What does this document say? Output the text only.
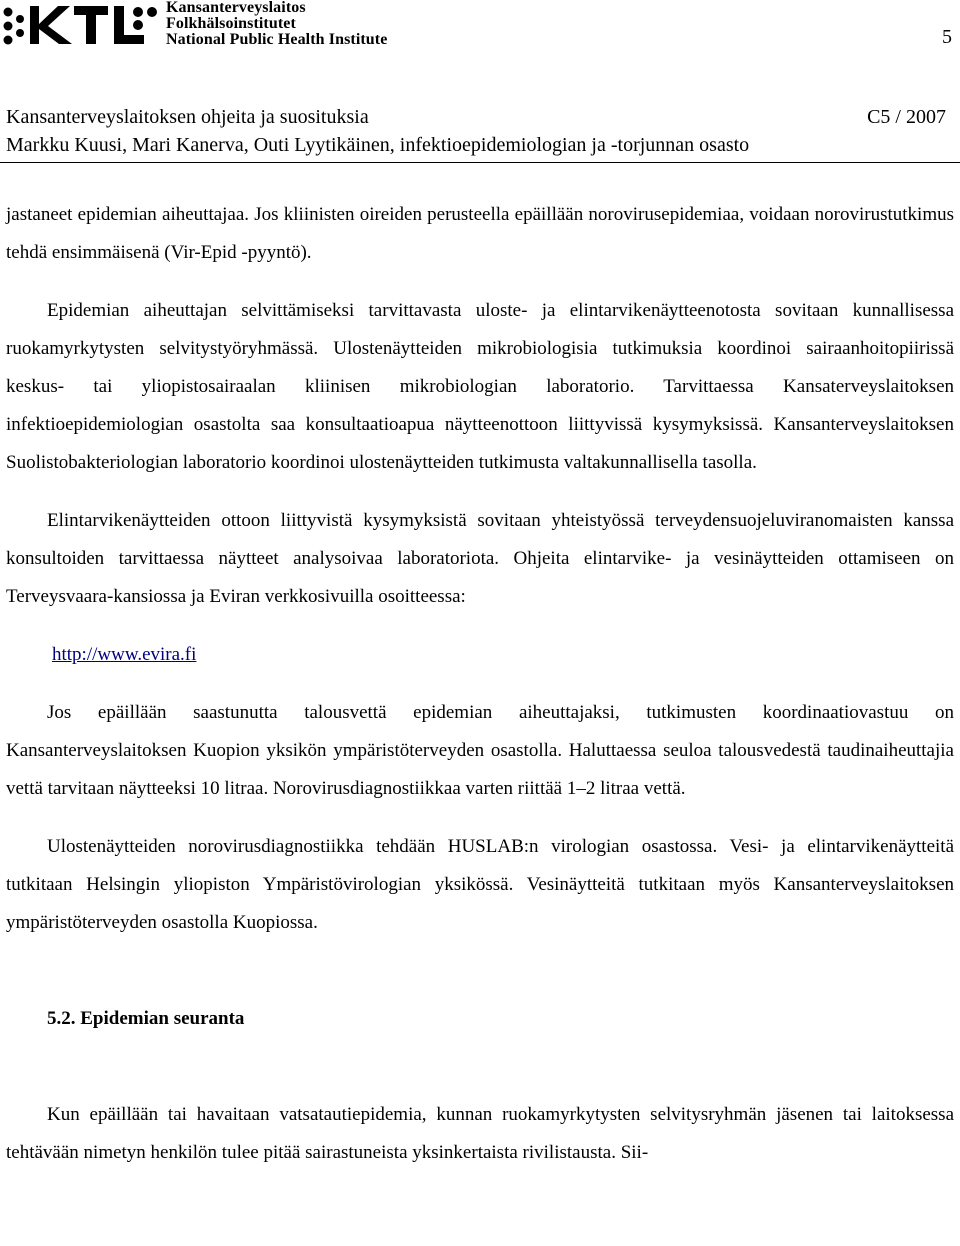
Kansanterveyslaitos
Folkhälsoinstitutet
National Public Health Institute	5
Kansanterveyslaitoksen ohjeita ja suosituksia	C5 / 2007
Markku Kuusi, Mari Kanerva, Outi Lyytikäinen, infektioepidemiologian ja -torjunnan osasto

jastaneet epidemian aiheuttajaa. Jos kliinisten oireiden perusteella epäillään norovirusepidemiaa, voidaan norovirustutkimus tehdä ensimmäisenä (Vir-Epid -pyyntö).

Epidemian aiheuttajan selvittämiseksi tarvittavasta uloste- ja elintarvikenäytteenotosta sovitaan kunnallisessa ruokamyrkytysten selvitystyöryhmässä. Ulostenäytteiden mikrobiologisia tutkimuksia koordinoi sairaanhoitopiirissä keskus- tai yliopistosairaalan kliinisen mikrobiologian laboratorio. Tarvittaessa Kansaterveyslaitoksen infektioepidemiologian osastolta saa konsultaatioapua näytteenottoon liittyvissä kysymyksissä. Kansanterveyslaitoksen Suolistobakteriologian laboratorio koordinoi ulostenäytteiden tutkimusta valtakunnallisella tasolla.

Elintarvikenäytteiden ottoon liittyvistä kysymyksistä sovitaan yhteistyössä terveydensuojeluviranomaisten kanssa konsultoiden tarvittaessa näytteet analysoivaa laboratoriota. Ohjeita elintarvike- ja vesinäytteiden ottamiseen on Terveysvaara-kansiossa ja Eviran verkkosivuilla osoitteessa:

http://www.evira.fi

Jos epäillään saastunutta talousvettä epidemian aiheuttajaksi, tutkimusten koordinaatiovastuu on Kansanterveyslaitoksen Kuopion yksikön ympäristöterveyden osastolla. Haluttaessa seuloa talousvedestä taudinaiheuttajia vettä tarvitaan näytteeksi 10 litraa. Norovirusdiagnostiikkaa varten riittää 1–2 litraa vettä.

Ulostenäytteiden norovirusdiagnostiikka tehdään HUSLAB:n virologian osastossa. Vesi- ja elintarvikenäytteitä tutkitaan Helsingin yliopiston Ympäristövirologian yksikössä. Vesinäytteitä tutkitaan myös Kansanterveyslaitoksen ympäristöterveyden osastolla Kuopiossa.

5.2. Epidemian seuranta

Kun epäillään tai havaitaan vatsatautiepidemia, kunnan ruokamyrkytysten selvitysryhmän jäsenen tai laitoksessa tehtävään nimetyn henkilön tulee pitää sairastuneista yksinkertaista rivilistausta. Sii-
